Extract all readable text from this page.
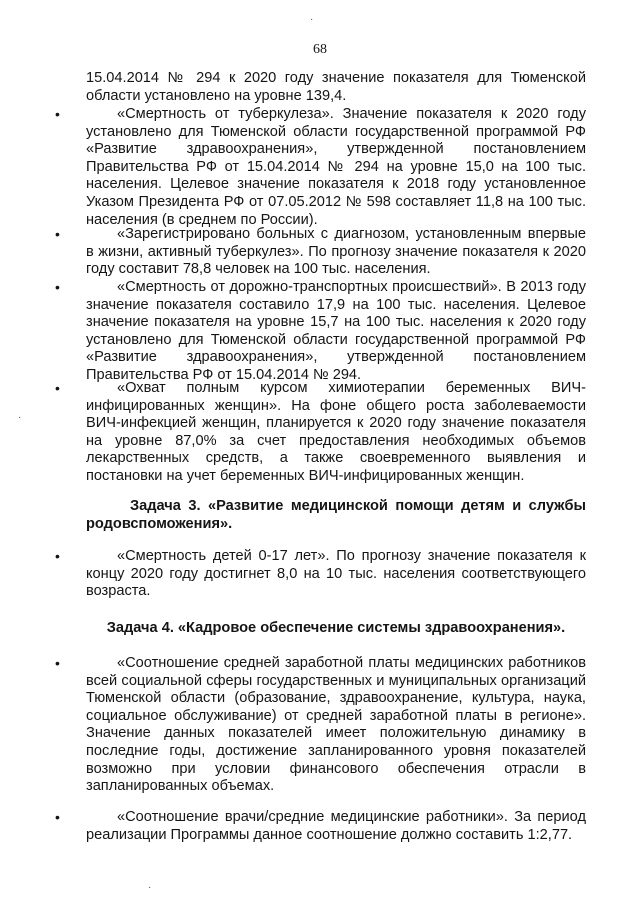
68

15.04.2014 № 294 к 2020 году значение показателя для Тюменской области установлено на уровне 139,4.

•	«Смертность от туберкулеза». Значение показателя к 2020 году установлено для Тюменской области государственной программой РФ «Развитие здравоохранения», утвержденной постановлением Правительства РФ от 15.04.2014 № 294 на уровне 15,0 на 100 тыс. населения. Целевое значение показателя к 2018 году установленное Указом Президента РФ от 07.05.2012 № 598 составляет 11,8 на 100 тыс. населения (в среднем по России).

•	«Зарегистрировано больных с диагнозом, установленным впервые в жизни, активный туберкулез». По прогнозу значение показателя к 2020 году составит 78,8 человек на 100 тыс. населения.

•	«Смертность от дорожно-транспортных происшествий». В 2013 году значение показателя составило 17,9 на 100 тыс. населения. Целевое значение показателя на уровне 15,7 на 100 тыс. населения к 2020 году установлено для Тюменской области государственной программой РФ «Развитие здравоохранения», утвержденной постановлением Правительства РФ от 15.04.2014 № 294.

•	«Охват полным курсом химиотерапии беременных ВИЧ-инфицированных женщин». На фоне общего роста заболеваемости ВИЧ-инфекцией женщин, планируется к 2020 году значение показателя на уровне 87,0% за счет предоставления необходимых объемов лекарственных средств, а также своевременного выявления и постановки на учет беременных ВИЧ-инфицированных женщин.

Задача 3. «Развитие медицинской помощи детям и службы родовспоможения».

•	«Смертность детей 0-17 лет». По прогнозу значение показателя к концу 2020 году достигнет 8,0 на 10 тыс. населения соответствующего возраста.

Задача 4. «Кадровое обеспечение системы здравоохранения».

•	«Соотношение средней заработной платы медицинских работников всей социальной сферы государственных и муниципальных организаций Тюменской области (образование, здравоохранение, культура, наука, социальное обслуживание) от средней заработной платы в регионе». Значение данных показателей имеет положительную динамику в последние годы, достижение запланированного уровня показателей возможно при условии финансового обеспечения отрасли в запланированных объемах.

•	«Соотношение врачи/средние медицинские работники». За период реализации Программы данное соотношение должно составить 1:2,77.

·
·
·
